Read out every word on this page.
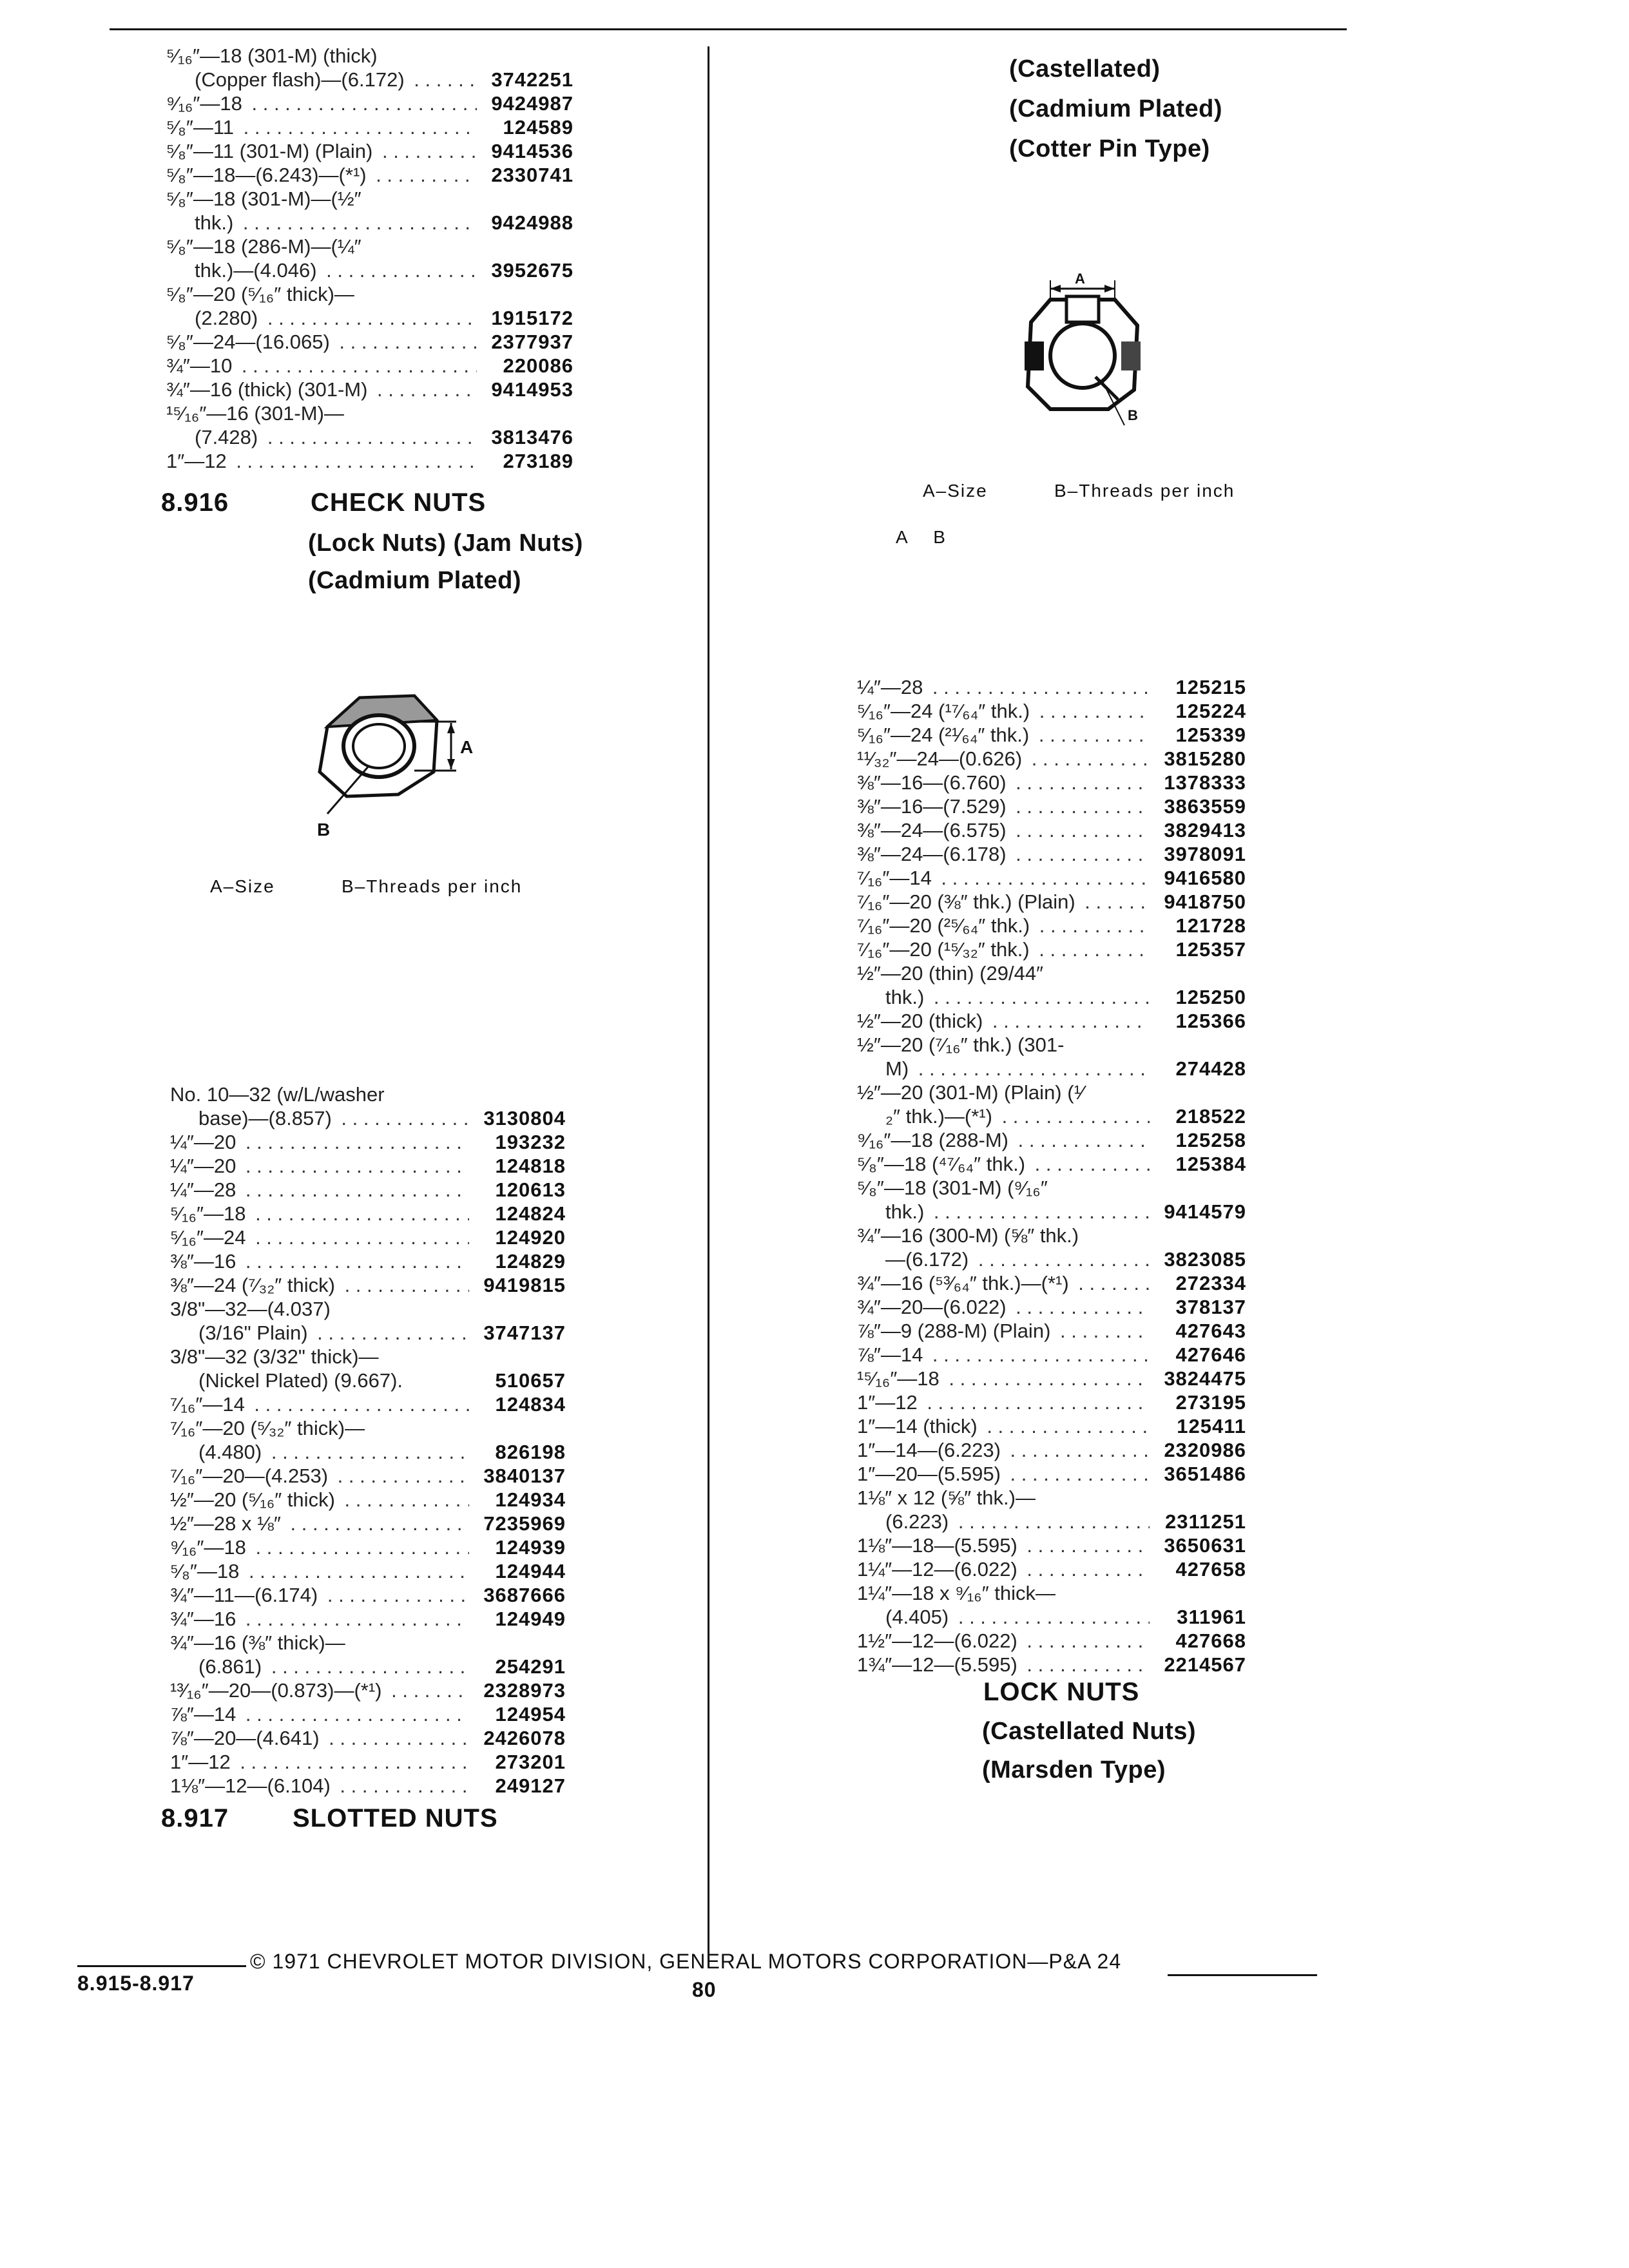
⁵⁄₁₆″—18 (301-M) (thick)
(Copper flash)—(6.172) . . .	3742251
⁹⁄₁₆″—18 . . .	9424987
⁵⁄₈″—11 . . .	124589
⁵⁄₈″—11 (301-M) (Plain) . . .	9414536
⁵⁄₈″—18—(6.243)—(*¹) . . .	2330741
⁵⁄₈″—18 (301-M)—(½″
thk.) . . .	9424988
⁵⁄₈″—18 (286-M)—(¼″
thk.)—(4.046) . . .	3952675
⁵⁄₈″—20 (⁵⁄₁₆″ thick)—
(2.280) . . .	1915172
⁵⁄₈″—24—(16.065) . . .	2377937
¾″—10 . . .	220086
¾″—16 (thick) (301-M) . . .	9414953
¹⁵⁄₁₆″—16 (301-M)—
(7.428) . . .	3813476
1″—12 . . .	273189
8.916	CHECK NUTS
(Lock Nuts) (Jam Nuts)
(Cadmium Plated)
A
B
A–Size	B–Threads per inch
No. 10—32 (w/L/washer
base)—(8.857) . . .	3130804
¼″—20 . . .	193232
¼″—20 . . .	124818
¼″—28 . . .	120613
⁵⁄₁₆″—18 . . .	124824
⁵⁄₁₆″—24 . . .	124920
⅜″—16 . . .	124829
⅜″—24 (⁷⁄₃₂″ thick) . . .	9419815
3/8"—32—(4.037)
(3/16" Plain) . . .	3747137
3/8"—32 (3/32" thick)—
(Nickel Plated) (9.667).	510657
⁷⁄₁₆″—14 . . .	124834
⁷⁄₁₆″—20 (⁵⁄₃₂″ thick)—
(4.480) . . .	826198
⁷⁄₁₆″—20—(4.253) . . .	3840137
½″—20 (⁵⁄₁₆″ thick) . . .	124934
½″—28 x ⅛″ . . .	7235969
⁹⁄₁₆″—18 . . .	124939
⁵⁄₈″—18 . . .	124944
¾″—11—(6.174) . . .	3687666
¾″—16 . . .	124949
¾″—16 (⅜″ thick)—
(6.861) . . .	254291
¹³⁄₁₆″—20—(0.873)—(*¹) . . .	2328973
⅞″—14 . . .	124954
⅞″—20—(4.641) . . .	2426078
1″—12 . . .	273201
1⅛″—12—(6.104) . . .	249127
8.917 SLOTTED NUTS
(Castellated)
(Cadmium Plated)
(Cotter Pin Type)
A
B
A–Size	B–Threads per inch
A    B
¼″—28 . . .	125215
⁵⁄₁₆″—24 (¹⁷⁄₆₄″ thk.) . . .	125224
⁵⁄₁₆″—24 (²¹⁄₆₄″ thk.) . . .	125339
¹¹⁄₃₂″—24—(0.626) . . .	3815280
⅜″—16—(6.760) . . .	1378333
⅜″—16—(7.529) . . .	3863559
⅜″—24—(6.575) . . .	3829413
⅜″—24—(6.178) . . .	3978091
⁷⁄₁₆″—14 . . .	9416580
⁷⁄₁₆″—20 (⅜″ thk.) (Plain) . . .	9418750
⁷⁄₁₆″—20 (²⁵⁄₆₄″ thk.) . . .	121728
⁷⁄₁₆″—20 (¹⁵⁄₃₂″ thk.) . . .	125357
½″—20 (thin) (29/44″
thk.) . . .	125250
½″—20 (thick) . . .	125366
½″—20 (⁷⁄₁₆″ thk.) (301-
M) . . .	274428
½″—20 (301-M) (Plain) (¹⁄
₂″ thk.)—(*¹) . . .	218522
⁹⁄₁₆″—18 (288-M) . . .	125258
⁵⁄₈″—18 (⁴⁷⁄₆₄″ thk.) . . .	125384
⁵⁄₈″—18 (301-M) (⁹⁄₁₆″
thk.) . . .	9414579
¾″—16 (300-M) (⅝″ thk.)
—(6.172) . . .	3823085
¾″—16 (⁵³⁄₆₄″ thk.)—(*¹) . . .	272334
¾″—20—(6.022) . . .	378137
⅞″—9 (288-M) (Plain) . . .	427643
⅞″—14 . . .	427646
¹⁵⁄₁₆″—18 . . .	3824475
1″—12 . . .	273195
1″—14 (thick) . . .	125411
1″—14—(6.223) . . .	2320986
1″—20—(5.595) . . .	3651486
1⅛″ x 12 (⅝″ thk.)—
(6.223) . . .	2311251
1⅛″—18—(5.595) . . .	3650631
1¼″—12—(6.022) . . .	427658
1¼″—18 x ⁹⁄₁₆″ thick—
(4.405) . . .	311961
1½″—12—(6.022) . . .	427668
1¾″—12—(5.595) . . .	2214567
LOCK NUTS
(Castellated Nuts)
(Marsden Type)
© 1971 CHEVROLET MOTOR DIVISION, GENERAL MOTORS CORPORATION—P&A 24
8.915-8.917	80
